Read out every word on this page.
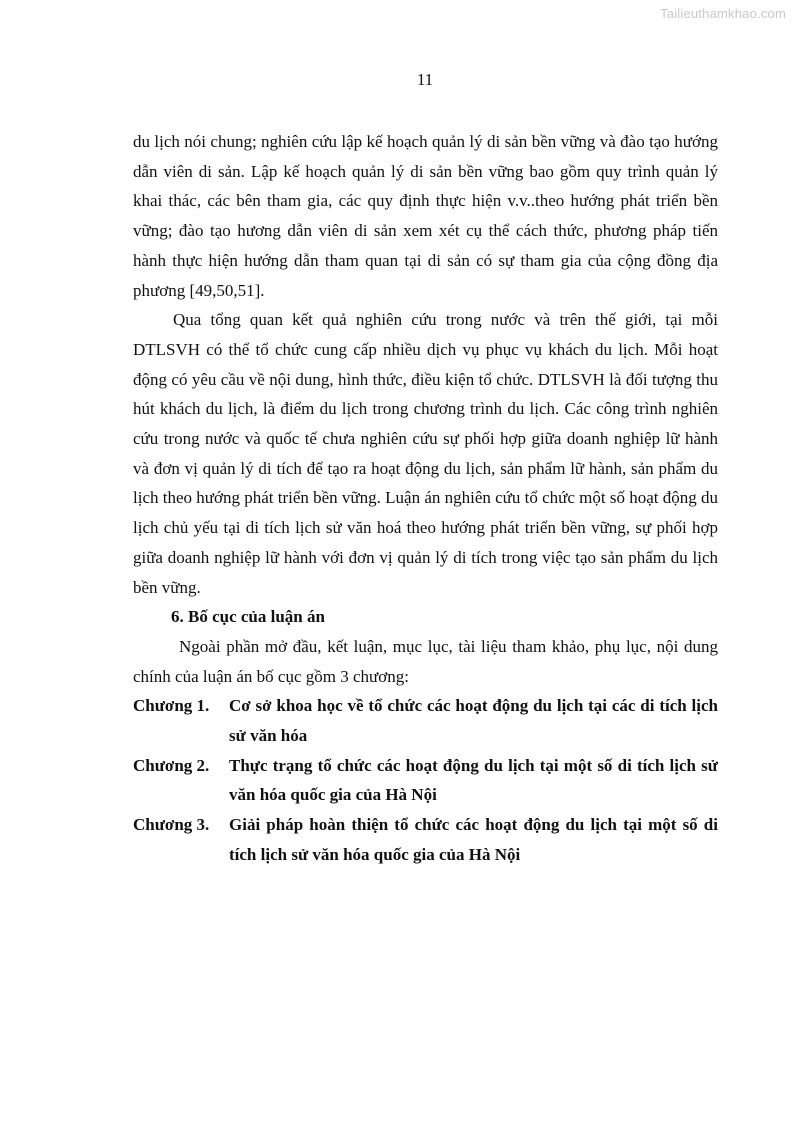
Tailieuthamkhao.com
11

du lịch nói chung; nghiên cứu lập kế hoạch quản lý di sản bền vững và đào tạo hướng dẫn viên di sản. Lập kế hoạch quản lý di sản bền vững bao gồm quy trình quản lý khai thác, các bên tham gia, các quy định thực hiện v.v..theo hướng phát triển bền vững; đào tạo hương dẫn viên di sản xem xét cụ thể cách thức, phương pháp tiến hành thực hiện hướng dẫn tham quan tại di sản có sự tham gia của cộng đồng địa phương [49,50,51].

Qua tổng quan kết quả nghiên cứu trong nước và trên thế giới, tại mỗi DTLSVH có thể tổ chức cung cấp nhiều dịch vụ phục vụ khách du lịch. Mỗi hoạt động có yêu cầu về nội dung, hình thức, điều kiện tổ chức. DTLSVH là đối tượng thu hút khách du lịch, là điểm du lịch trong chương trình du lịch. Các công trình nghiên cứu trong nước và quốc tế chưa nghiên cứu sự phối hợp giữa doanh nghiệp lữ hành và đơn vị quản lý di tích để tạo ra hoạt động du lịch, sản phẩm lữ hành, sản phẩm du lịch theo hướng phát triển bền vững. Luận án nghiên cứu tổ chức một số hoạt động du lịch chủ yếu tại di tích lịch sử văn hoá theo hướng phát triển bền vững, sự phối hợp giữa doanh nghiệp lữ hành với đơn vị quản lý di tích trong việc tạo sản phẩm du lịch bền vững.

6. Bố cục của luận án

Ngoài phần mở đầu, kết luận, mục lục, tài liệu tham khảo, phụ lục, nội dung chính của luận án bố cục gồm 3 chương:

Chương 1.	Cơ sở khoa học về tổ chức các hoạt động du lịch tại các di tích lịch sử văn hóa
Chương 2.	Thực trạng tổ chức các hoạt động du lịch tại một số di tích lịch sử văn hóa quốc gia của Hà Nội
Chương 3.	Giải pháp hoàn thiện tổ chức các hoạt động du lịch tại một số di tích lịch sử văn hóa quốc gia của Hà Nội
